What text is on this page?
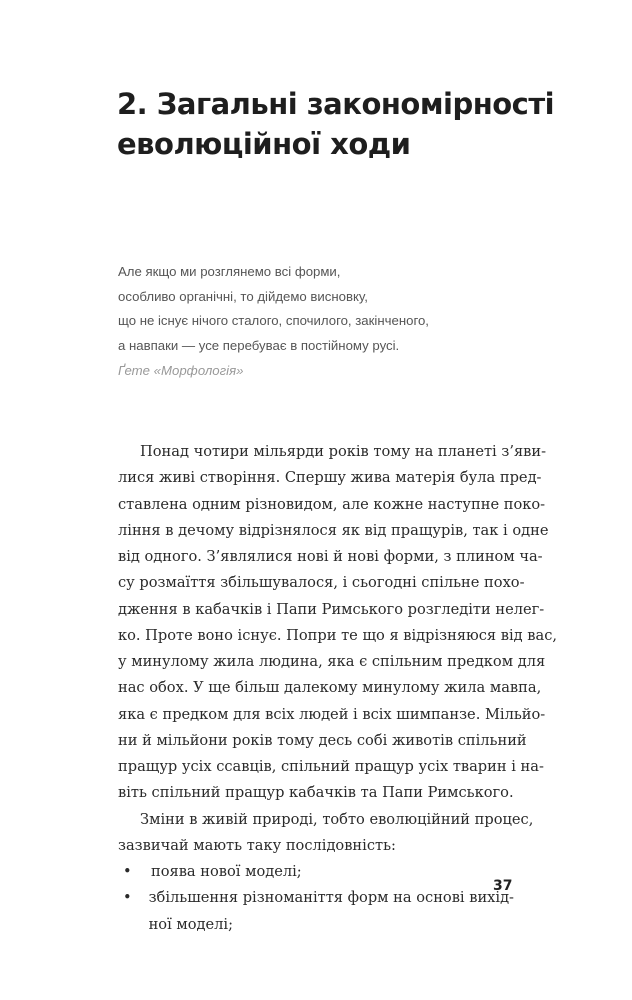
2. Загальні закономірності
еволюційної ходи
Але якщо ми розглянемо всі форми,
особливо органічні, то дійдемо висновку,
що не існує нічого сталого, спочилого, закінченого,
а навпаки — усе перебуває в постійному русі.
Ґете «Морфологія»
Понад чотири мільярди років тому на планеті з’яви-
лися живі створіння. Спершу жива матерія була пред-
ставлена одним різновидом, але кожне наступне поко-
ління в дечому відрізнялося як від пращурів, так і одне
від одного. З’являлися нові й нові форми, з плином ча-
су розмаїття збільшувалося, і сьогодні спільне похо-
дження в кабачків і Папи Римського розгледіти нелег-
ко. Проте воно існує. Попри те що я відрізняюся від вас,
у минулому жила людина, яка є спільним предком для
нас обох. У ще більш далекому минулому жила мавпа,
яка є предком для всіх людей і всіх шимпанзе. Мільйо-
ни й мільйони років тому десь собі животів спільний
пращур усіх ссавців, спільний пращур усіх тварин і на-
віть спільний пращур кабачків та Папи Римського.
Зміни в живій природі, тобто еволюційний процес,
зазвичай мають таку послідовність:
•	поява нової моделі;
•	збільшення різноманіття форм на основі вихід-
ної моделі;
37
